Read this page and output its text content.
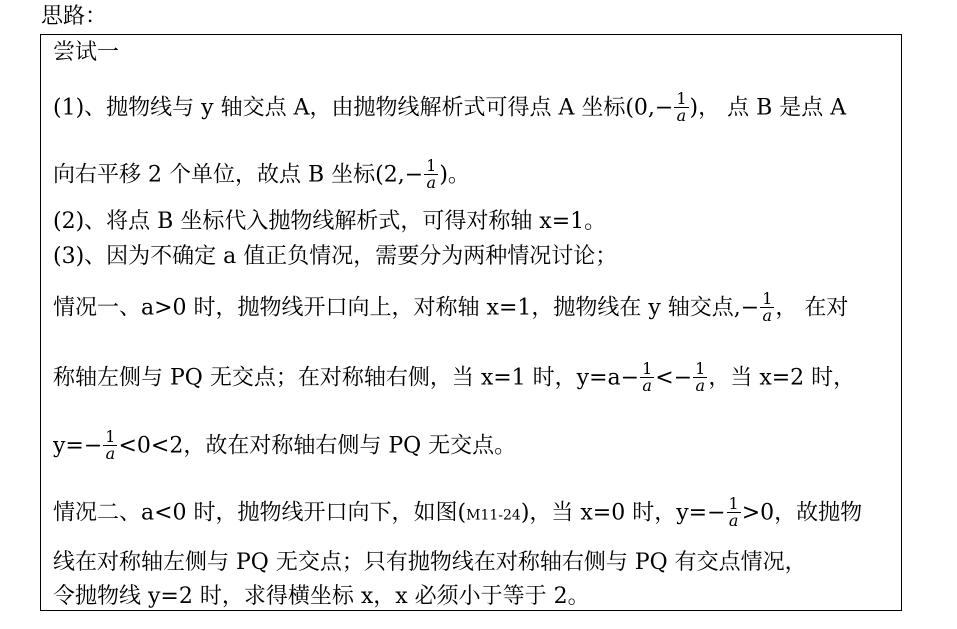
思路：
尝试一
(1)、抛物线与 y 轴交点 A，由抛物线解析式可得点 A 坐标($0,- \frac{1}{a}$ )， 点 B 是点 A
向右平移 2 个单位，故点 B 坐标($2,- \frac{1}{a}$ )。
(2)、将点 B 坐标代入抛物线解析式，可得对称轴 x=1。
(3)、因为不确定 a 值正负情况，需要分为两种情况讨论；
情况一、a>0 时，抛物线开口向上，对称轴 x=1，抛物线在 y 轴交点,− $\frac{1}{a}$ ， 在对
称轴左侧与 PQ 无交点；在对称轴右侧，当 x=1 时，$y=a- \frac{1}{a} <- \frac{1}{a}$ ，当 x=2 时，
$y=- \frac{1}{a} <0<2$，故在对称轴右侧与 PQ 无交点。
情况二、a<0 时，抛物线开口向下，如图(M11-24)，当 x=0 时，$y=- \frac{1}{a} >0$，故抛物
线在对称轴左侧与 PQ 无交点；只有抛物线在对称轴右侧与 PQ 有交点情况，
令抛物线 y=2 时，求得横坐标 x，x 必须小于等于 2。
